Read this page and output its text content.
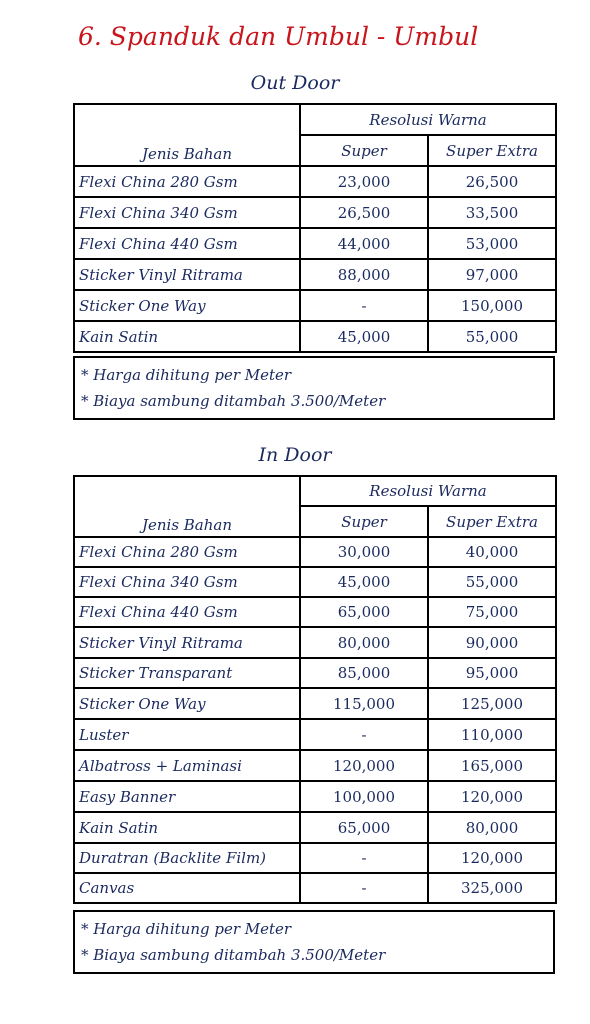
6. Spanduk dan Umbul - Umbul
Out Door
Jenis Bahan	Resolusi Warna	
	Super	Super Extra
Flexi China 280 Gsm	23,000	26,500
Flexi China 340 Gsm	26,500	33,500
Flexi China 440 Gsm	44,000	53,000
Sticker Vinyl Ritrama	88,000	97,000
Sticker One Way	-	150,000
Kain Satin	45,000	55,000
* Harga dihitung per Meter
* Biaya sambung ditambah 3.500/Meter
In Door
Jenis Bahan	Resolusi Warna	
	Super	Super Extra
Flexi China 280 Gsm	30,000	40,000
Flexi China 340 Gsm	45,000	55,000
Flexi China 440 Gsm	65,000	75,000
Sticker Vinyl Ritrama	80,000	90,000
Sticker Transparant	85,000	95,000
Sticker One Way	115,000	125,000
Luster	-	110,000
Albatross + Laminasi	120,000	165,000
Easy Banner	100,000	120,000
Kain Satin	65,000	80,000
Duratran (Backlite Film)	-	120,000
Canvas	-	325,000
* Harga dihitung per Meter
* Biaya sambung ditambah 3.500/Meter
